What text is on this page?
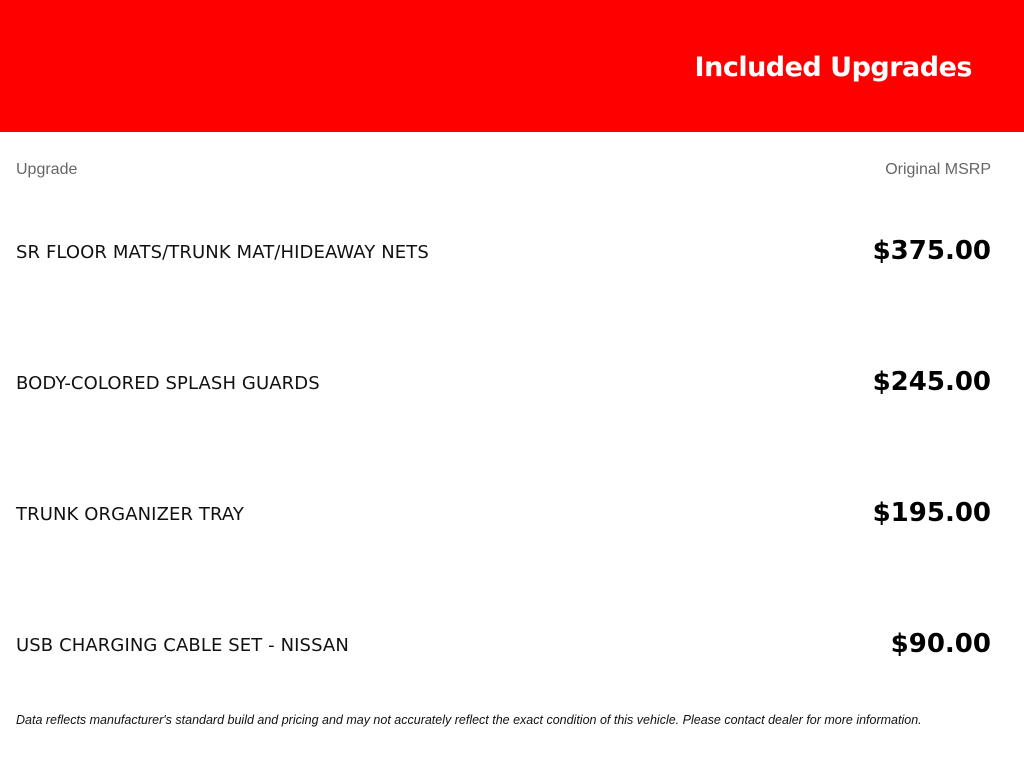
Included Upgrades
Upgrade	Original MSRP
SR FLOOR MATS/TRUNK MAT/HIDEAWAY NETS	$375.00
BODY-COLORED SPLASH GUARDS	$245.00
TRUNK ORGANIZER TRAY	$195.00
USB CHARGING CABLE SET - NISSAN	$90.00

Data reflects manufacturer's standard build and pricing and may not accurately reflect the exact condition of this vehicle. Please contact dealer for more information.
